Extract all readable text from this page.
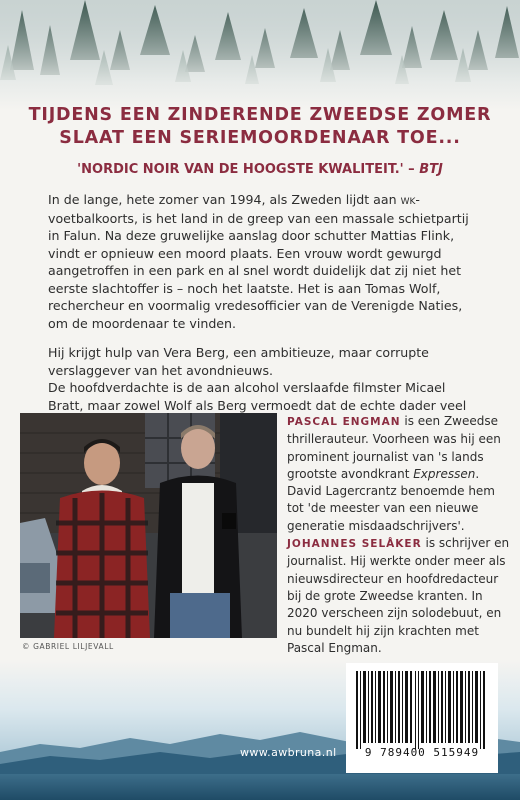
TIJDENS EEN ZINDERENDE ZWEEDSE ZOMER
SLAAT EEN SERIEMOORDENAAR TOE...
'NORDIC NOIR VAN DE HOOGSTE KWALITEIT.' – BTJ

In de lange, hete zomer van 1994, als Zweden lijdt aan wk-voetbalkoorts, is het land in de greep van een massale schietpartij in Falun. Na deze gruwelijke aanslag door schutter Mattias Flink, vindt er opnieuw een moord plaats. Een vrouw wordt gewurgd aangetroffen in een park en al snel wordt duidelijk dat zij niet het eerste slachtoffer is – noch het laatste. Het is aan Tomas Wolf, rechercheur en voormalig vredesofficier van de Verenigde Naties, om de moordenaar te vinden.

Hij krijgt hulp van Vera Berg, een ambitieuze, maar corrupte verslaggever van het avondnieuws.

De hoofdverdachte is de aan alcohol verslaafde filmster Micael Bratt, maar zowel Wolf als Berg vermoedt dat de echte dader veel

© GABRIEL LILJEVALL
PASCAL ENGMAN is een Zweedse thrillerauteur. Voorheen was hij een prominent journalist van 's lands grootste avondkrant Expressen. David Lagercrantz benoemde hem tot 'de meester van een nieuwe generatie misdaadschrijvers'. JOHANNES SELÅKER is schrijver en journalist. Hij werkte onder meer als nieuwsdirecteur en hoofdredacteur bij de grote Zweedse kranten. In 2020 verscheen zijn solodebuut, en nu bundelt hij zijn krachten met Pascal Engman.
9 789400 515949
www.awbruna.nl
